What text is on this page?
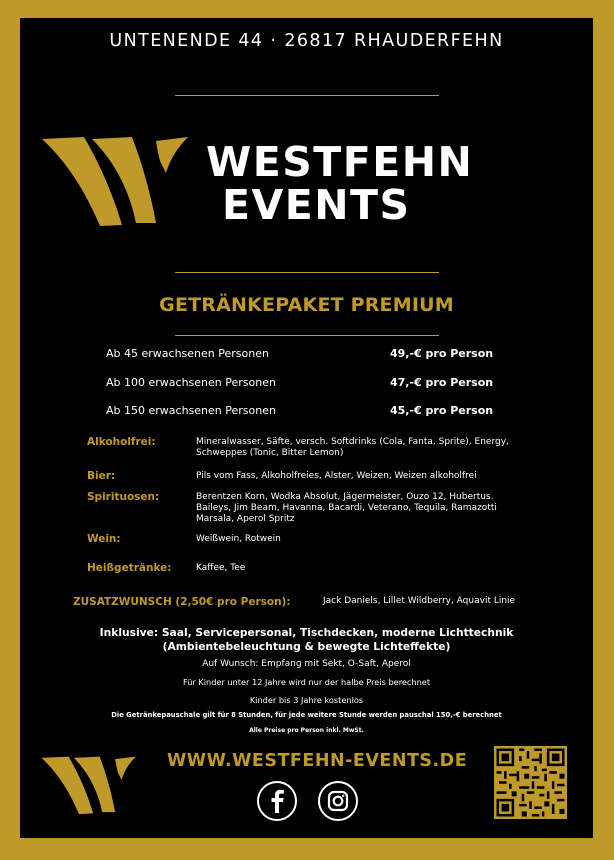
UNTENENDE 44 · 26817 RHAUDERFEHN
WESTFEHN
EVENTS
GETRÄNKEPAKET PREMIUM
Ab 45 erwachsenen Personen	49,-€ pro Person
Ab 100 erwachsenen Personen	47,-€ pro Person
Ab 150 erwachsenen Personen	45,-€ pro Person
Alkoholfrei:	Mineralwasser, Säfte, versch. Softdrinks (Cola, Fanta, Sprite), Energy, Schweppes (Tonic, Bitter Lemon)
Bier:	Pils vom Fass, Alkoholfreies, Alster, Weizen, Weizen alkoholfrei
Spirituosen:	Berentzen Korn, Wodka Absolut, Jägermeister, Ouzo 12, Hubertus. Baileys, Jim Beam, Havanna, Bacardi, Veterano, Tequila, Ramazotti Marsala, Aperol Spritz
Wein:	Weißwein, Rotwein
Heißgetränke:	Kaffee, Tee
ZUSATZWUNSCH (2,50€ pro Person):	Jack Daniels, Lillet Wildberry, Aquavit Linie
Inklusive: Saal, Servicepersonal, Tischdecken, moderne Lichttechnik
(Ambientebeleuchtung & bewegte Lichteffekte)
Auf Wunsch: Empfang mit Sekt, O-Saft, Aperol
Für Kinder unter 12 Jahre wird nur der halbe Preis berechnet
Kinder bis 3 Jahre kostenlos
Die Getränkepauschale gilt für 8 Stunden, für jede weitere Stunde werden pauschal 150,-€ berechnet
Alle Preise pro Person inkl. MwSt.
WWW.WESTFEHN-EVENTS.DE
